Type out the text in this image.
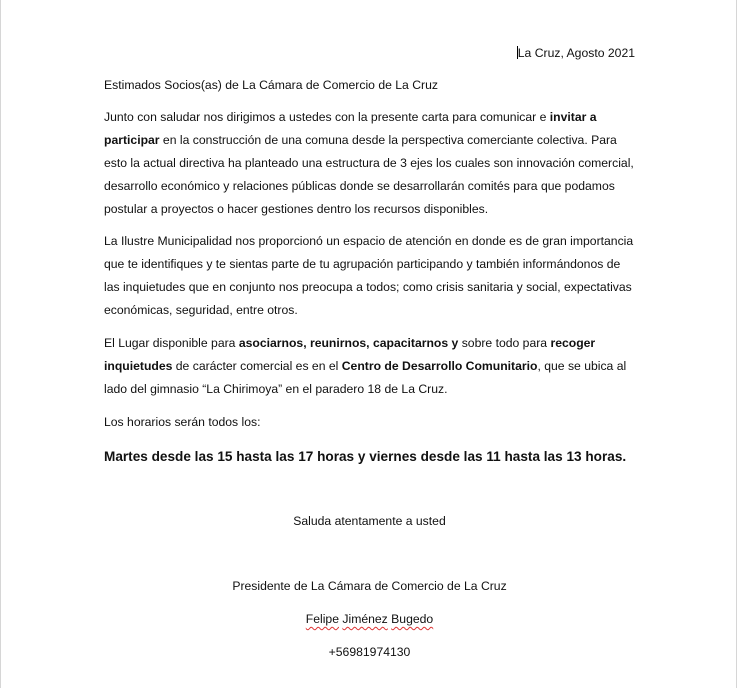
La Cruz, Agosto 2021

Estimados Socios(as) de La Cámara de Comercio de La Cruz

Junto con saludar nos dirigimos a ustedes con la presente carta para comunicar e invitar a participar en la construcción de una comuna desde la perspectiva comerciante colectiva. Para esto la actual directiva ha planteado una estructura de 3 ejes los cuales son innovación comercial, desarrollo económico y relaciones públicas donde se desarrollarán comités para que podamos postular a proyectos o hacer gestiones dentro los recursos disponibles.

La Ilustre Municipalidad nos proporcionó un espacio de atención en donde es de gran importancia que te identifiques y te sientas parte de tu agrupación participando y también informándonos de las inquietudes que en conjunto nos preocupa a todos; como crisis sanitaria y social, expectativas económicas, seguridad, entre otros.

El Lugar disponible para asociarnos, reunirnos, capacitarnos y sobre todo para recoger inquietudes de carácter comercial es en el Centro de Desarrollo Comunitario, que se ubica al lado del gimnasio “La Chirimoya” en el paradero 18 de La Cruz.

Los horarios serán todos los:

Martes desde las 15 hasta las 17 horas y viernes desde las 11 hasta las 13 horas.

Saluda atentamente a usted
Presidente de La Cámara de Comercio de La Cruz
Felipe Jiménez Bugedo
+56981974130
